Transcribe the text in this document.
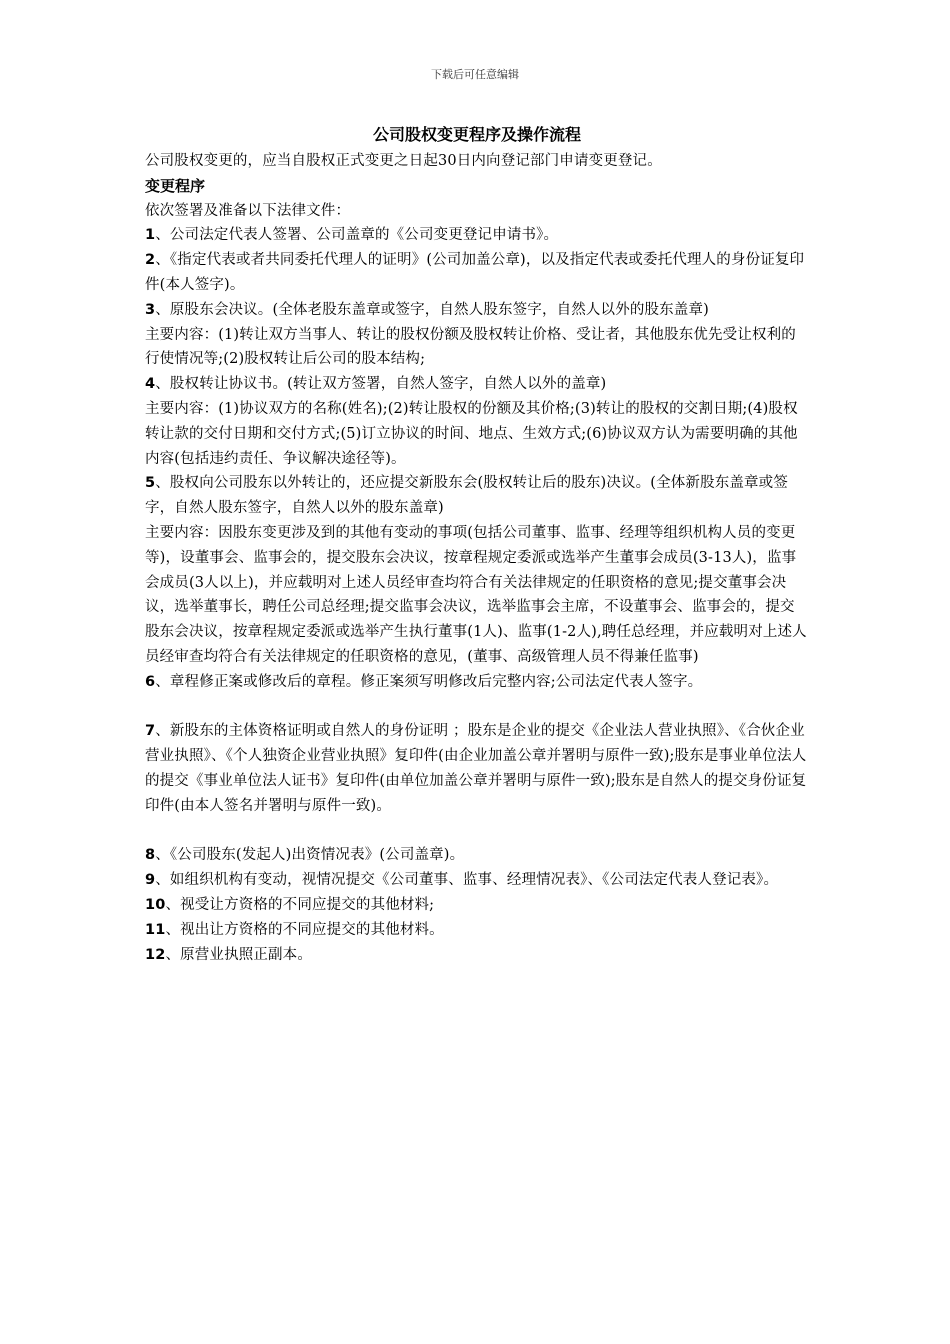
下载后可任意编辑
公司股权变更程序及操作流程

公司股权变更的，应当自股权正式变更之日起30日内向登记部门申请变更登记。

变更程序

依次签署及准备以下法律文件：

1、公司法定代表人签署、公司盖章的《公司变更登记申请书》。

2、《指定代表或者共同委托代理人的证明》(公司加盖公章)，以及指定代表或委托代理人的身份证复印件(本人签字)。

3、原股东会决议。(全体老股东盖章或签字，自然人股东签字，自然人以外的股东盖章)

主要内容：(1)转让双方当事人、转让的股权份额及股权转让价格、受让者，其他股东优先受让权利的行使情况等;(2)股权转让后公司的股本结构;

4、股权转让协议书。(转让双方签署，自然人签字，自然人以外的盖章)

主要内容：(1)协议双方的名称(姓名);(2)转让股权的份额及其价格;(3)转让的股权的交割日期;(4)股权转让款的交付日期和交付方式;(5)订立协议的时间、地点、生效方式;(6)协议双方认为需要明确的其他内容(包括违约责任、争议解决途径等)。

5、股权向公司股东以外转让的，还应提交新股东会(股权转让后的股东)决议。(全体新股东盖章或签字，自然人股东签字，自然人以外的股东盖章)

主要内容：因股东变更涉及到的其他有变动的事项(包括公司董事、监事、经理等组织机构人员的变更等)，设董事会、监事会的，提交股东会决议，按章程规定委派或选举产生董事会成员(3-13人)，监事会成员(3人以上)，并应载明对上述人员经审查均符合有关法律规定的任职资格的意见;提交董事会决议，选举董事长，聘任公司总经理;提交监事会决议，选举监事会主席，不设董事会、监事会的，提交股东会决议，按章程规定委派或选举产生执行董事(1人)、监事(1-2人),聘任总经理，并应载明对上述人员经审查均符合有关法律规定的任职资格的意见，(董事、高级管理人员不得兼任监事)

6、章程修正案或修改后的章程。修正案须写明修改后完整内容;公司法定代表人签字。

7、新股东的主体资格证明或自然人的身份证明 ；股东是企业的提交《企业法人营业执照》、《合伙企业营业执照》、《个人独资企业营业执照》复印件(由企业加盖公章并署明与原件一致);股东是事业单位法人的提交《事业单位法人证书》复印件(由单位加盖公章并署明与原件一致);股东是自然人的提交身份证复印件(由本人签名并署明与原件一致)。

8、《公司股东(发起人)出资情况表》(公司盖章)。

9、如组织机构有变动，视情况提交《公司董事、监事、经理情况表》、《公司法定代表人登记表》。

10、视受让方资格的不同应提交的其他材料;

11、视出让方资格的不同应提交的其他材料。

12、原营业执照正副本。
